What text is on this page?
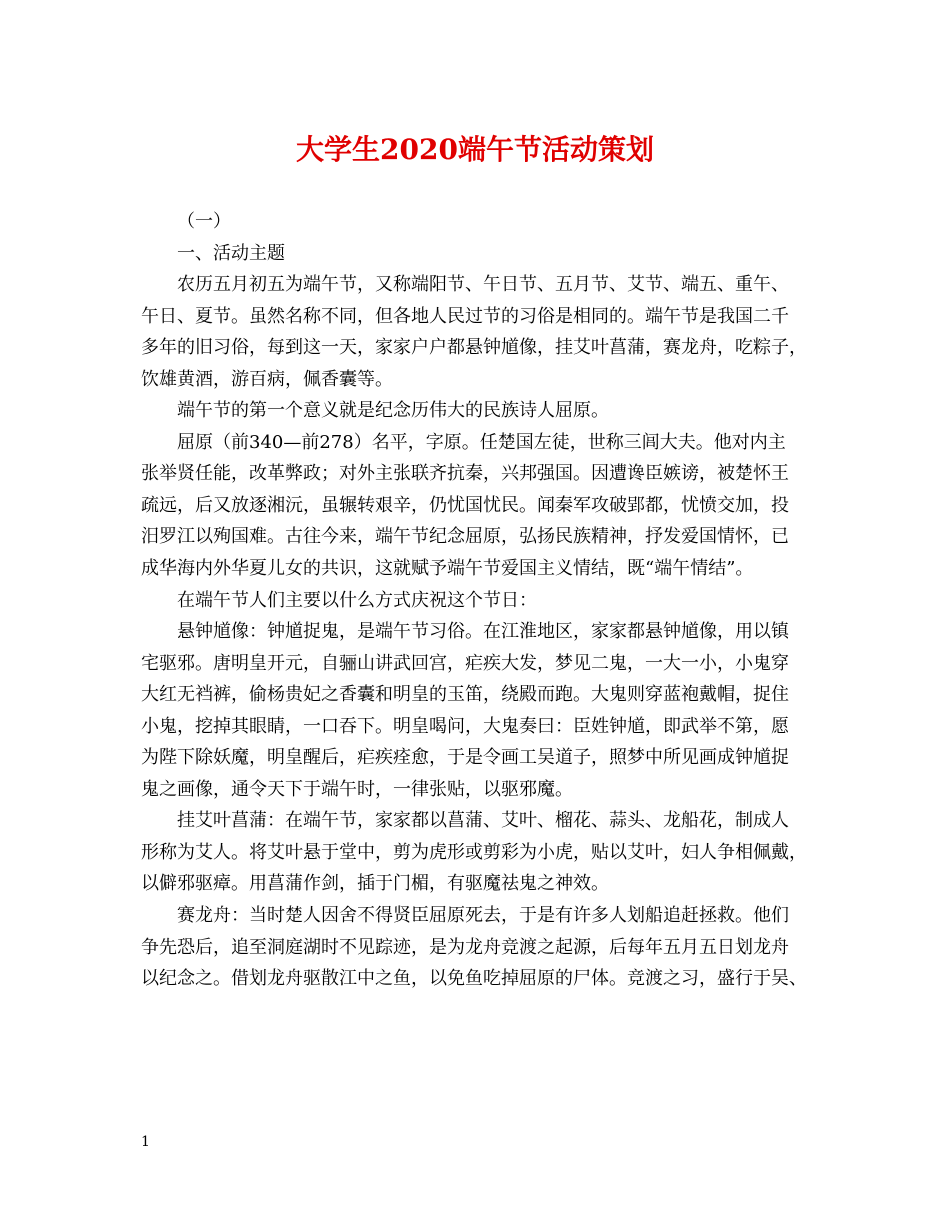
大学生2020端午节活动策划
（一）
一、活动主题
农历五月初五为端午节，又称端阳节、午日节、五月节、艾节、端五、重午、
午日、夏节。虽然名称不同，但各地人民过节的习俗是相同的。端午节是我国二千
多年的旧习俗，每到这一天，家家户户都悬钟馗像，挂艾叶菖蒲，赛龙舟，吃粽子，
饮雄黄酒，游百病，佩香囊等。
端午节的第一个意义就是纪念历伟大的民族诗人屈原。
屈原（前340—前278）名平，字原。任楚国左徒，世称三闾大夫。他对内主
张举贤任能，改革弊政；对外主张联齐抗秦，兴邦强国。因遭谗臣嫉谤，被楚怀王
疏远，后又放逐湘沅，虽辗转艰辛，仍忧国忧民。闻秦军攻破郢都，忧愤交加，投
汨罗江以殉国难。古往今来，端午节纪念屈原，弘扬民族精神，抒发爱国情怀，已
成华海内外华夏儿女的共识，这就赋予端午节爱国主义情结，既“端午情结”。
在端午节人们主要以什么方式庆祝这个节日：
悬钟馗像：钟馗捉鬼，是端午节习俗。在江淮地区，家家都悬钟馗像，用以镇
宅驱邪。唐明皇开元，自骊山讲武回宫，疟疾大发，梦见二鬼，一大一小，小鬼穿
大红无裆裤，偷杨贵妃之香囊和明皇的玉笛，绕殿而跑。大鬼则穿蓝袍戴帽，捉住
小鬼，挖掉其眼睛，一口吞下。明皇喝问，大鬼奏曰：臣姓钟馗，即武举不第，愿
为陛下除妖魔，明皇醒后，疟疾痊愈，于是令画工吴道子，照梦中所见画成钟馗捉
鬼之画像，通令天下于端午时，一律张贴，以驱邪魔。
挂艾叶菖蒲：在端午节，家家都以菖蒲、艾叶、榴花、蒜头、龙船花，制成人
形称为艾人。将艾叶悬于堂中，剪为虎形或剪彩为小虎，贴以艾叶，妇人争相佩戴，
以僻邪驱瘴。用菖蒲作剑，插于门楣，有驱魔祛鬼之神效。
赛龙舟：当时楚人因舍不得贤臣屈原死去，于是有许多人划船追赶拯救。他们
争先恐后，追至洞庭湖时不见踪迹，是为龙舟竞渡之起源，后每年五月五日划龙舟
以纪念之。借划龙舟驱散江中之鱼，以免鱼吃掉屈原的尸体。竞渡之习，盛行于吴、
1
